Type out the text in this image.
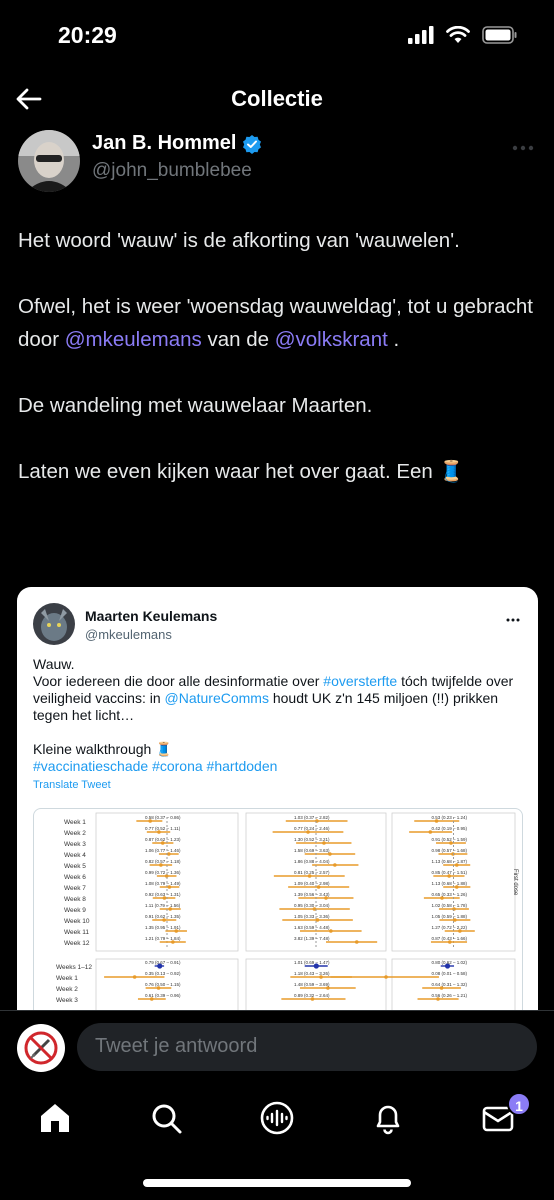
20:29
Collectie
Jan B. Hommel
@john_bumblebee

Het woord 'wauw' is de afkorting van 'wauwelen'.

Ofwel, het is weer 'woensdag wauweldag', tot u gebracht door @mkeulemans van de @volkskrant .

De wandeling met wauwelaar Maarten.

Laten we even kijken waar het over gaat. Een 🧵

Maarten Keulemans
@mkeulemans
Wauw.
Voor iedereen die door alle desinformatie over #oversterfte tóch twijfelde over veiligheid vaccins: in @NatureComms houdt UK z'n 145 miljoen (!!) prikken tegen het licht…
Kleine walkthrough 🧵
#vaccinatieschade #corona #hartdoden
Translate Tweet
Week 1
0.58 (0.37 – 0.86)	1.03 (0.37 – 2.82)	0.53 (0.23 – 1.24)
Week 2
0.77 (0.52 – 1.11)	0.77 (0.24 – 2.46)	0.42 (0.19 – 0.95)
Week 3
0.87 (0.62 – 1.23)	1.30 (0.52 – 3.21)	0.91 (0.52 – 1.59)
Week 4
1.06 (0.77 – 1.46)	1.58 (0.69 – 3.63)	0.98 (0.57 – 1.68)
Week 5
0.82 (0.57 – 1.18)	1.86 (0.88 – 4.04)	1.13 (0.68 – 1.87)
Week 6
0.99 (0.72 – 1.36)	0.81 (0.25 – 2.57)	0.85 (0.47 – 1.51)
Week 7
1.08 (0.79 – 1.49)	1.09 (0.40 – 2.98)	1.13 (0.68 – 1.88)
Week 8
0.92 (0.63 – 1.31)	1.39 (0.56 – 3.43)	0.65 (0.33 – 1.26)
Week 9
1.11 (0.79 – 1.56)	0.95 (0.30 – 3.04)	1.02 (0.58 – 1.78)
Week 10
0.91 (0.62 – 1.35)	1.05 (0.33 – 3.36)	1.05 (0.59 – 1.88)
Week 11
1.35 (0.95 – 1.91)	1.63 (0.59 – 4.48)	1.27 (0.72 – 2.22)
Week 12
1.21 (0.79 – 1.84)	3.82 (1.39 – 7.48)	0.87 (0.43 – 1.66)
First dose
Weeks 1–12
0.79 (0.67 – 0.91)	1.01 (0.69 – 1.47)	0.80 (0.62 – 1.02)
Week 1
0.35 (0.13 – 0.92)	1.18 (0.43 – 3.26)	0.08 (0.01 – 0.58)
Week 2
0.76 (0.50 – 1.15)	1.48 (0.59 – 3.69)	0.64 (0.31 – 1.32)
Week 3
0.61 (0.39 – 0.96)	0.89 (0.32 – 2.64)	0.56 (0.26 – 1.21)
Tweet je antwoord
1
